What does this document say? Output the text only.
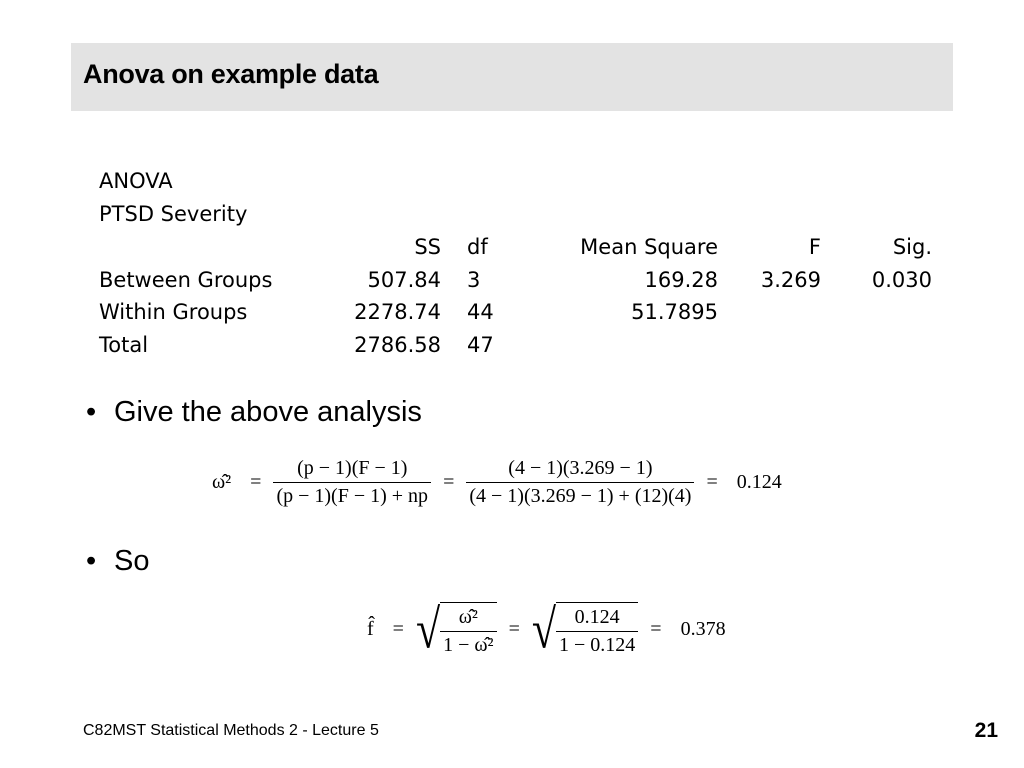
Anova on example data
ANOVA
PTSD Severity
	SS		df	Mean Square	F	Sig.
Between Groups	507.84		3	169.28	3.269	0.030
Within Groups	2278.74		44	51.7895		
Total	2786.58		47			
• Give the above analysis
ω̂² = $\frac{(p - 1)(F - 1)}{(p - 1)(F - 1) + np} = \frac{(4 - 1)(3.269 - 1)}{(4 - 1)(3.269 - 1) + (12)(4)} = 0.124$
• So
f̂ = √ $\frac{\text{ω̂²}}{\text{1 − ω̂²}}$ = √ $\frac{0.124}{1 - 0.124} = 0.378$
C82MST Statistical Methods 2 - Lecture 5	21
